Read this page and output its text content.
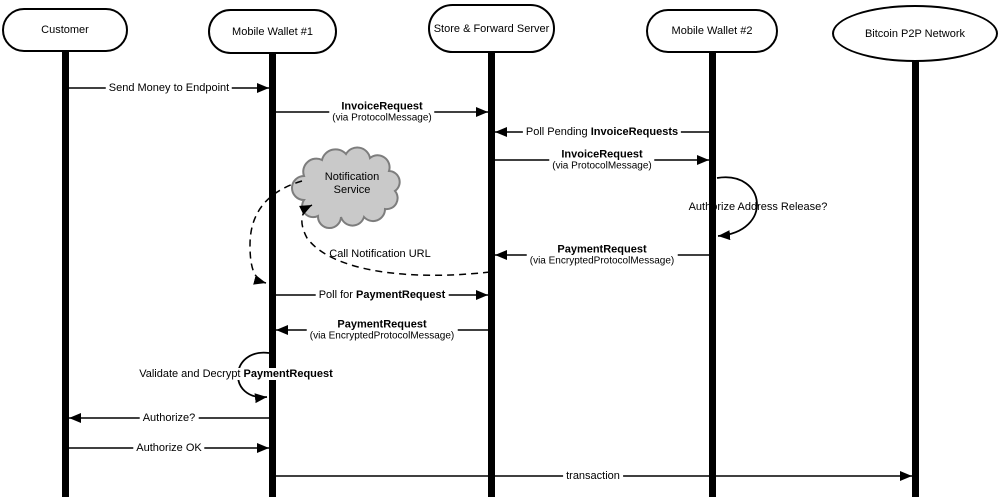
Send Money to Endpoint
InvoiceRequest
(via ProtocolMessage)
Poll Pending InvoiceRequests
InvoiceRequest
(via ProtocolMessage)
PaymentRequest
(via EncryptedProtocolMessage)
Poll for PaymentRequest
PaymentRequest
(via EncryptedProtocolMessage)
Authorize?
Authorize OK
transaction
Authorize Address Release?
Validate and Decrypt PaymentRequest
Call Notification URL
Notification
Service
Customer	Mobile Wallet #1	Store & Forward Server	Mobile Wallet #2	Bitcoin P2P Network
